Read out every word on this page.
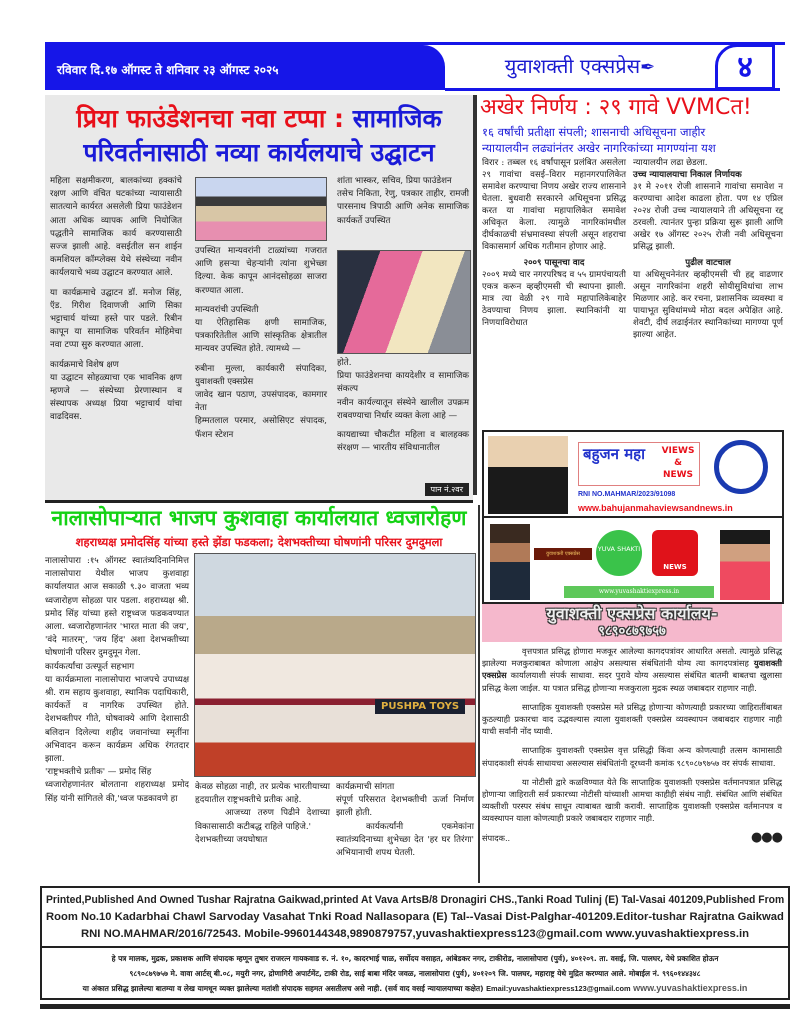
रविवार दि.१७ ऑगस्ट ते शनिवार २३ ऑगस्ट २०२५	युवाशक्ती एक्सप्रेस✒	४
प्रिया फाउंडेशनचा नवा टप्पा : सामाजिक
परिवर्तनासाठी नव्या कार्यलयाचे उद्घाटन

महिला सक्षमीकरण, बालकांच्या हक्कांचे रक्षण आणि वंचित घटकांच्या न्यायासाठी सातत्याने कार्यरत असलेली प्रिया फाउंडेशन आता अधिक व्यापक आणि नियोजित पद्धतीने सामाजिक कार्य करण्यासाठी सज्ज झाली आहे. वसईतील सन शाईन कमशियल कॉम्प्लेक्स येथे संस्थेच्या नवीन कार्यलयाचे भव्य उद्घाटन करण्यात आले.

या कार्यक्रमाचे उद्घाटन डॉ. मनोज सिंह, ऍड. गिरीश दिवाणजी आणि सिका भट्टाचार्य यांच्या हस्ते पार पडले. रिबीन कापून या सामाजिक परिवर्तन मोहिमेचा नवा टप्पा सुरु करण्यात आला.

कार्यक्रमाचे विशेष क्षण
या उद्घाटन सोहळ्याचा एक भावनिक क्षण म्हणजे — संस्थेच्या प्रेरणास्थान व संस्थापक अध्यक्ष प्रिया भट्टाचार्य यांचा वाढदिवस.

उपस्थित मान्यवरांनी टाळ्यांच्या गजरात आणि हसऱ्या चेहऱ्यांनी त्यांना शुभेच्छा दिल्या. केक कापून आनंदसोहळा साजरा करण्यात आला.

मान्यवरांची उपस्थिती

या ऐतिहासिक क्षणी सामाजिक, पत्रकारितेतील आणि सांस्कृतिक क्षेत्रातील मान्यवर उपस्थित होते. त्यामध्ये —

रुबीना मुल्ला, कार्यकारी संपादिका, युवाशक्ती एक्सप्रेस
जावेद खान पठाण, उपसंपादक, कामगार नेता
हिम्मतलाल परमार, असोसिएट संपादक, फॅशन स्टेशन
शांता भास्कर, सचिव, प्रिया फाउंडेशन
तसेच निकिता, रेणु, पत्रकार ताहीर, रामजी पारसनाथ त्रिपाठी आणि अनेक सामाजिक कार्यकर्ते उपस्थित
होते.
प्रिया फाउंडेशनचा कायदेशीर व सामाजिक संकल्प

नवीन कार्यल्यातून संस्थेने खालील उपक्रम राबवण्याचा निर्धार व्यक्त केला आहे —

कायद्याच्या चौकटीत महिला व बालहक्क संरक्षण — भारतीय संविधानातील
पान नं.२वर
अखेर निर्णय : २९ गावे VVMCत!
१६ वर्षांची प्रतीक्षा संपली; शासनाची अधिसूचना जाहीर
न्यायालयीन लढ्यांनंतर अखेर नागरिकांच्या मागण्यांना यश

विरार : तब्बल १६ वर्षांपासून प्रलंबित असलेला २९ गावांचा वसई–विरार महानगरपालिकेत समावेश करण्याचा निणय अखेर राज्य शासनाने घेतला. बुधवारी सरकारने अधिसूचना प्रसिद्ध करत या गावांचा महापालिकेत समावेश अधिकृत केला. त्यामुळे नागरिकांमधील दीर्घकाळची संभ्रमावस्था संपली असून शहराचा विकासमार्ग अधिक गतीमान होणार आहे.

२००९ पासूनचा वाद
२००९ मध्ये चार नगरपरिषद व ५५ ग्रामपंचायती एकत्र करून व्हव्हीएमसी ची स्थापना झाली. मात्र त्या वेळी २९ गावे महापालिकेबाहेर ठेवण्याचा निणय झाला. स्थानिकांनी या निणयाविरोधात
न्यायालयीन लढा छेडला.
उच्च न्यायालयाचा निकाल निर्णायक

३१ मे २०११ रोजी शासनाने गावांचा समावेश न करण्याचा आदेश काढला होता. पण १४ एप्रिल २०२४ रोजी उच्च न्यायालयाने ती अधिसूचना रद्द ठरवली. त्यानंतर पुन्हा प्रक्रिया सुरू झाली आणि अखेर १७ ऑगस्ट २०२५ रोजी नवी अधिसूचना प्रसिद्ध झाली.

पुढील वाटचाल
या अधिसूचनेनंतर व्हव्हीएमसी ची हद्द वाढणार असून नागरिकांना शहरी सोयीसुविधांचा लाभ मिळणार आहे. कर रचना, प्रशासनिक व्यवस्था व पायाभूत सुविधांमध्ये मोठा बदल अपेक्षित आहे. शेवटी, दीर्घ लढाईनंतर स्थानिकांच्या मागण्या पूर्ण झाल्या आहेत.
बहुजन महा VIEWS
&
NEWS
RNI NO.MAHMAR/2023/91098
www.bahujanmahaviewsandnews.in
युवाशक्ती एक्सप्रेस
YUVA SHAKTI
NEWS
www.yuvashaktiexpress.in
युवाशक्ती एक्सप्रेस कार्यालय-
९८९०८७९७५७

वृत्तपत्रात प्रसिद्ध होणारा मजकूर आलेल्या कागदपत्रांवर आधारित असतो. त्यामुळे प्रसिद्ध झालेल्या मजकुराबाबत कोणाला आक्षेप असल्यास संबंधितांनी योग्य त्या कागदपत्रांसह युवाशक्ती एक्सप्रेस कार्यालयाशी संपर्क साधावा. सदर पुरावे योग्य असल्यास संबंधित बातमी बाबतचा खुलासा प्रसिद्ध केला जाईल. या पत्रात प्रसिद्ध होणाऱ्या मजकुराला मुद्रक स्थळ जबाबदार राहणार नाही.

साप्ताहिक युवाशक्ती एक्सप्रेस मते प्रसिद्ध होणाऱ्या कोणत्याही प्रकारच्या जाहिरातींबाबत कुठल्याही प्रकारचा वाद उद्भवल्यास त्याला युवाशक्ती एक्सप्रेस व्यवस्थापन जबाबदार राहणार नाही याची सर्वांनी नोंद घ्यावी.

साप्ताहिक युवाशक्ती एक्सप्रेस वृत्त प्रसिद्धी किंवा अन्य कोणत्याही तत्सम कामासाठी संपादकाशी संपर्क साधायचा असल्यास संबंधितांनी दूरध्वनी कमांक ९८९०८७९७५७ वर संपर्क साधावा.

या नोटीसी द्वारे कळविण्यात येते कि साप्ताहिक युवाशक्ती एक्सप्रेस वर्तमानपत्रात प्रसिद्ध होणाऱ्या जाहिराती सर्व प्रकारच्या नोटीसी यांच्याशी आमचा काहीही संबंध नाही. संबंधित आणि संबंधित व्यक्तीशी परस्पर संबंध साधून त्याबाबत खात्री करावी. साप्ताहिक युवाशक्ती एक्सप्रेस वर्तमानपत्र व व्यवस्थापन याला कोणत्याही प्रकारे जबाबदार राहणार नाही.

संपादक..	●●●
नालासोपाऱ्यात भाजप कुशवाहा कार्यालयात ध्वजारोहण
शहराध्यक्ष प्रमोदसिंह यांच्या हस्ते झेंडा फडकला; देशभक्तीच्या घोषणांनी परिसर दुमदुमला
नालासोपारा :१५ ऑगस्ट स्वातंत्र्यदिनानिमित्त नालासोपारा येथील भाजप कुशवाहा कार्यालयात आज सकाळी ९.३० वाजता भव्य ध्वजारोहण सोहळा पार पडला. शहराध्यक्ष श्री. प्रमोद सिंह यांच्या हस्ते राष्ट्रध्वज फडकवण्यात आला. ध्वजारोहणानंतर 'भारत माता की जय', 'वंदे मातरम्', 'जय हिंद' अशा देशभक्तीच्या घोषणांनी परिसर दुमदुमून गेला.
कार्यकर्त्यांचा उत्स्फूर्त सहभाग
या कार्यक्रमाला नालासोपारा भाजपचे उपाध्यक्ष श्री. राम सहाय कुशवाहा, स्थानिक पदाधिकारी, कार्यकर्ते व नागरिक उपस्थित होते. देशभक्तीपर गीते, घोषवाक्ये आणि देशासाठी बलिदान दिलेल्या शहीद जवानांच्या स्मृतींना अभिवादन करून कार्यक्रम अधिक रंगतदार झाला.
'राष्ट्रभक्तीचे प्रतीक' — प्रमोद सिंह
ध्वजारोहणानंतर बोलताना शहराध्यक्ष प्रमोद सिंह यांनी सांगितले की,'ध्वज फडकावणे हा
PUSHPA TOYS
केवळ सोहळा नाही, तर प्रत्येक भारतीयाच्या हृदयातील राष्ट्रभक्तीचे प्रतीक आहे.
आजच्या तरुण पिढीने देशाच्या विकासासाठी कटीबद्ध राहिले पाहिजे.'
देशभक्तीच्या जयघोषात
कार्यक्रमाची सांगता
संपूर्ण परिसरात देशभक्तीची ऊर्जा निर्माण झाली होती.
कार्यकर्त्यांनी एकमेकांना स्वातंत्र्यदिनाच्या शुभेच्छा देत 'हर घर तिरंगा' अभियानाची शपथ घेतली.
Printed,Published And Owned Tushar Rajratna Gaikwad,printed At Vava ArtsB/8 Dronagiri CHS.,Tanki Road Tulinj (E) Tal-Vasai 401209,Published From
Room No.10 Kadarbhai Chawl Sarvoday Vasahat Tnki Road Nallasopara (E) Tal--Vasai Dist-Palghar-401209.Editor-tushar Rajratna Gaikwad
RNI NO.MAHMAR/2016/72543. Mobile-9960144348,9890879757,yuvashaktiexpress123@gmail.com www.yuvashaktiexpress.in
हे पत्र मालक, मुद्रक, प्रकाशक आणि संपादक म्हणून तुषार राजरत्न गायकवाड रु. नं. १०, कादरभाई चाळ, सर्वोदय वसाहत, आंबेडकर नगर, टाकीरोड, नालासोपारा (पुर्व), ४०१२०९. ता. वसई, जि. पालघर, येथे प्रकाशित होऊन
९८९०८७९७५७ मे. वावा आर्टस् बी.०८, मयुरी नगर, द्रोणागिरी अपार्टमेंट, टाकी रोड, साई बाबा मंदिर जवळ, नालासोपारा (पुर्व), ४०१२०९ जि. पालघर, महाराष्ट्र येथे मुद्रित करण्यात आले. मोबाईल नं. ९९६०१४४३४८
या अंकात प्रसिद्ध झालेल्या बातम्या व लेख यामधून व्यक्त झालेल्या मतांशी संपादक सहमत असतीलच असे नाही. (सर्व वाद वसई न्यायालयाच्या कक्षेत) Email:yuvashaktiexpress123@gmail.com www.yuvashaktiexpress.in
